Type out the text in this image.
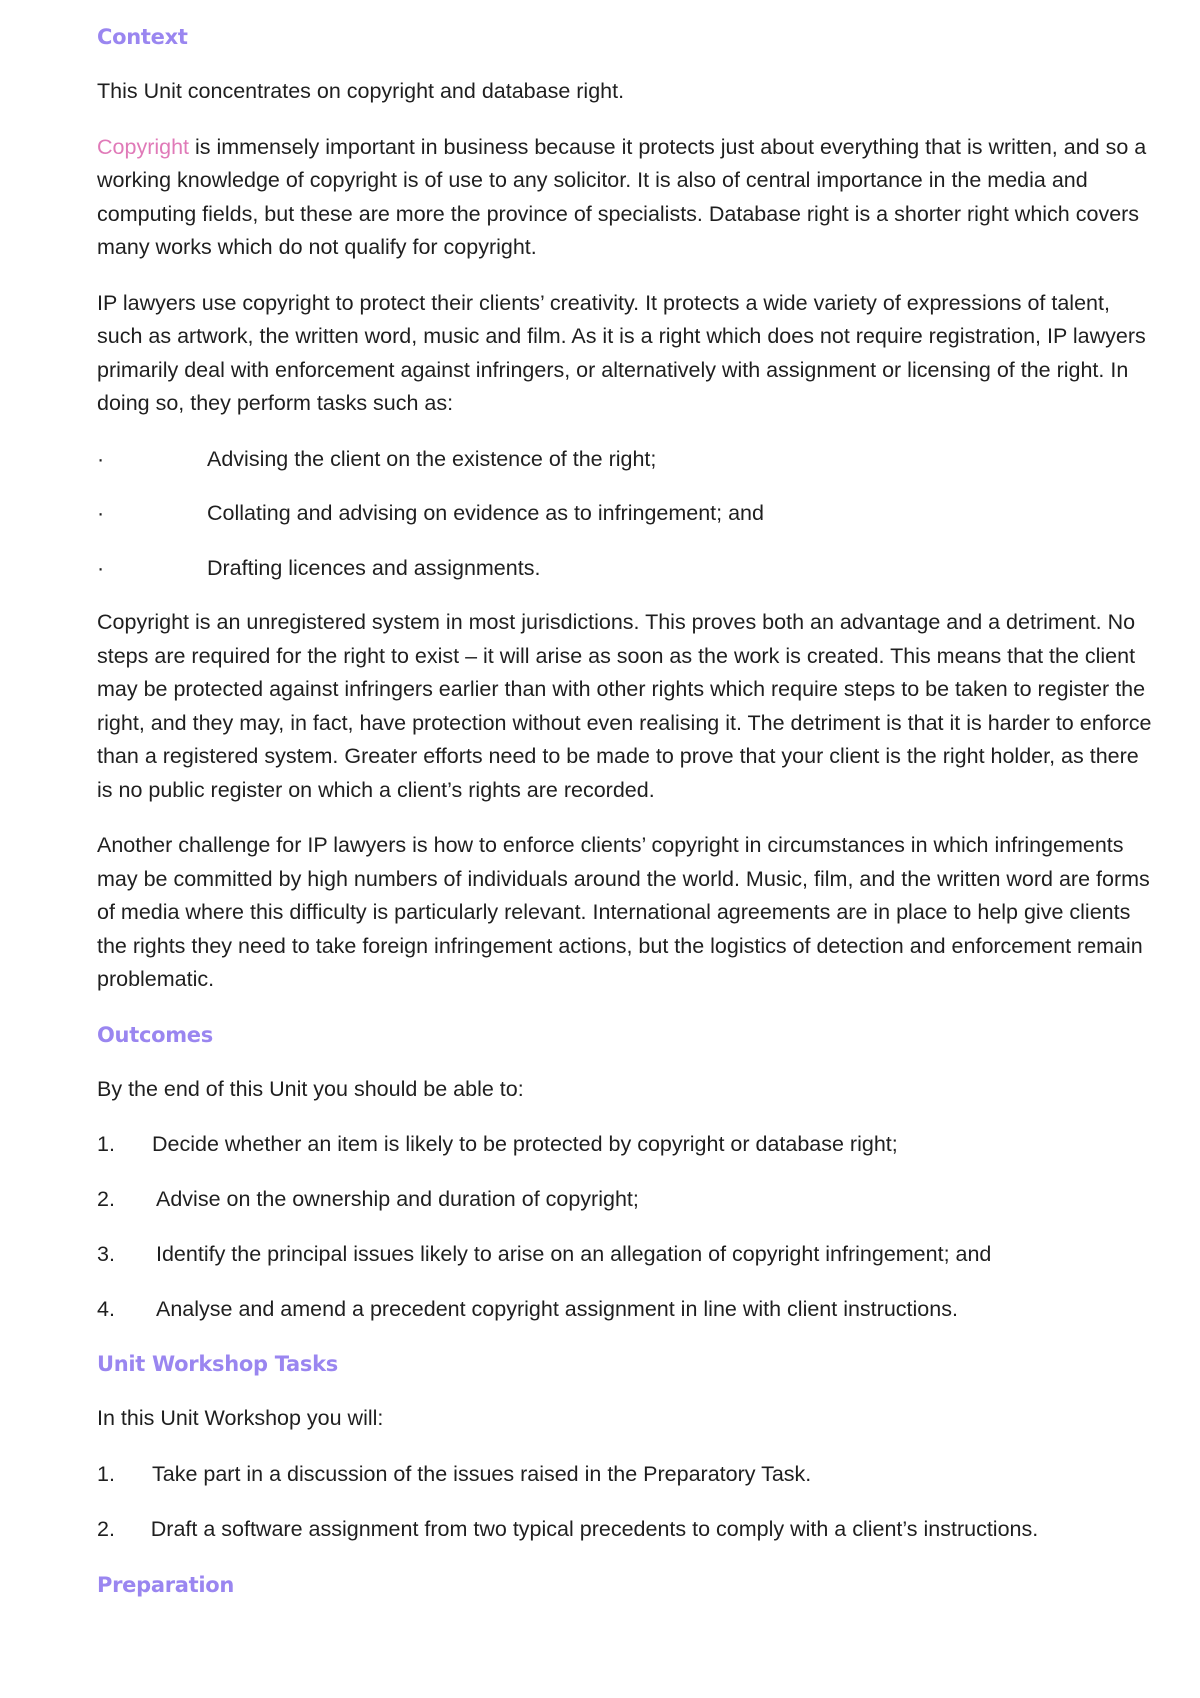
Context

This Unit concentrates on copyright and database right.

Copyright is immensely important in business because it protects just about everything that is written, and so a working knowledge of copyright is of use to any solicitor. It is also of central importance in the media and computing fields, but these are more the province of specialists. Database right is a shorter right which covers many works which do not qualify for copyright.

IP lawyers use copyright to protect their clients’ creativity. It protects a wide variety of expressions of talent, such as artwork, the written word, music and film. As it is a right which does not require registration, IP lawyers primarily deal with enforcement against infringers, or alternatively with assignment or licensing of the right. In doing so, they perform tasks such as:

·	Advising the client on the existence of the right;
·	Collating and advising on evidence as to infringement; and
·	Drafting licences and assignments.

Copyright is an unregistered system in most jurisdictions. This proves both an advantage and a detriment. No steps are required for the right to exist – it will arise as soon as the work is created. This means that the client may be protected against infringers earlier than with other rights which require steps to be taken to register the right, and they may, in fact, have protection without even realising it. The detriment is that it is harder to enforce than a registered system. Greater efforts need to be made to prove that your client is the right holder, as there is no public register on which a client’s rights are recorded.

Another challenge for IP lawyers is how to enforce clients’ copyright in circumstances in which infringements may be committed by high numbers of individuals around the world. Music, film, and the written word are forms of media where this difficulty is particularly relevant. International agreements are in place to help give clients the rights they need to take foreign infringement actions, but the logistics of detection and enforcement remain problematic.

Outcomes

By the end of this Unit you should be able to:

1.	Decide whether an item is likely to be protected by copyright or database right;
2.	Advise on the ownership and duration of copyright;
3.	Identify the principal issues likely to arise on an allegation of copyright infringement; and
4.	Analyse and amend a precedent copyright assignment in line with client instructions.
Unit Workshop Tasks

In this Unit Workshop you will:

1.	Take part in a discussion of the issues raised in the Preparatory Task.

2. Draft a software assignment from two typical precedents to comply with a client’s instructions.

Preparation
